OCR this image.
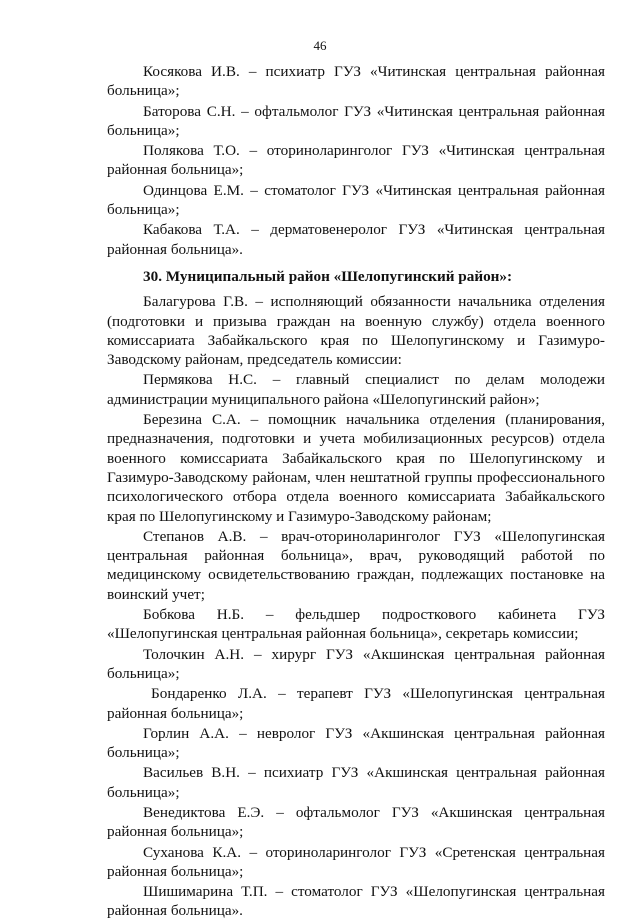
46

Косякова И.В. – психиатр ГУЗ «Читинская центральная районная больница»;

Баторова С.Н. – офтальмолог ГУЗ «Читинская центральная районная больница»;

Полякова Т.О. – оториноларинголог ГУЗ «Читинская центральная районная больница»;

Одинцова Е.М. – стоматолог ГУЗ «Читинская центральная районная больница»;

Кабакова Т.А. – дерматовенеролог ГУЗ «Читинская центральная районная больница».

30. Муниципальный район «Шелопугинский район»:

Балагурова Г.В. – исполняющий обязанности начальника отделения (подготовки и призыва граждан на военную службу) отдела военного комиссариата Забайкальского края по Шелопугинскому и Газимуро-Заводскому районам, председатель комиссии:

Пермякова Н.С. – главный специалист по делам молодежи администрации муниципального района «Шелопугинский район»;

Березина С.А. – помощник начальника отделения (планирования, предназначения, подготовки и учета мобилизационных ресурсов) отдела военного комиссариата Забайкальского края по Шелопугинскому и Газимуро-Заводскому районам, член нештатной группы профессионального психологического отбора отдела военного комиссариата Забайкальского края по Шелопугинскому и Газимуро-Заводскому районам;

Степанов А.В. – врач-оториноларинголог ГУЗ «Шелопугинская центральная районная больница», врач, руководящий работой по медицинскому освидетельствованию граждан, подлежащих постановке на воинский учет;

Бобкова Н.Б. – фельдшер подросткового кабинета ГУЗ «Шелопугинская центральная районная больница», секретарь комиссии;

Толочкин А.Н. – хирург ГУЗ «Акшинская центральная районная больница»;

Бондаренко Л.А. – терапевт ГУЗ «Шелопугинская центральная районная больница»;

Горлин А.А. – невролог ГУЗ «Акшинская центральная районная больница»;

Васильев В.Н. – психиатр ГУЗ «Акшинская центральная районная больница»;

Венедиктова Е.Э. – офтальмолог ГУЗ «Акшинская центральная районная больница»;

Суханова К.А. – оториноларинголог ГУЗ «Сретенская центральная районная больница»;

Шишимарина Т.П. – стоматолог ГУЗ «Шелопугинская центральная районная больница».
